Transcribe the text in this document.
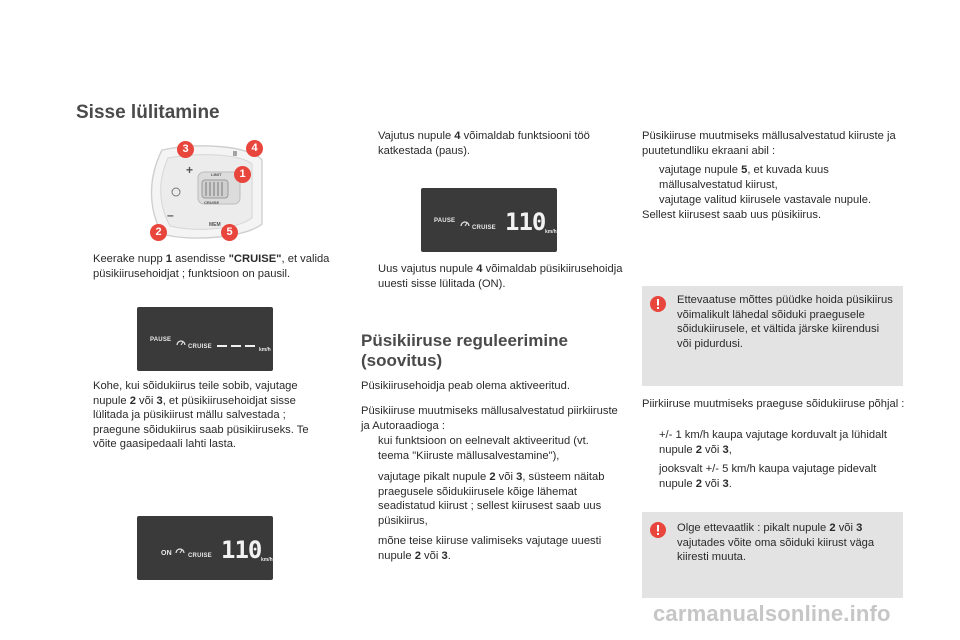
Sisse lülitamine
+
–
II
LIMIT
CRUISE
MEM
3	4
1
2	5
Keerake nupp 1 asendisse "CRUISE", et valida püsikiirusehoidjat ; funktsioon on pausil.
PAUSE
CRUISE	km/h
Kohe, kui sõidukiirus teile sobib, vajutage nupule 2 või 3, et püsikiirusehoidjat sisse lülitada ja püsikiirust mällu salvestada ; praegune sõidukiirus saab püsikiiruseks. Te võite gaasipedaali lahti lasta.
ON	CRUISE 110 km/h
Vajutus nupule 4 võimaldab funktsiooni töö katkestada (paus).
PAUSE
CRUISE 110 km/h
Uus vajutus nupule 4 võimaldab püsikiirusehoidja uuesti sisse lülitada (ON).
Püsikiiruse reguleerimine
(soovitus)

Püsikiirusehoidja peab olema aktiveeritud.

Püsikiiruse muutmiseks mällusalvestatud piirkiiruste ja Autoraadioga :

kui funktsioon on eelnevalt aktiveeritud (vt. teema "Kiiruste mällusalvestamine"),
vajutage pikalt nupule 2 või 3, süsteem näitab praegusele sõidukiirusele kõige lähemat seadistatud kiirust ; sellest kiirusest saab uus püsikiirus,
mõne teise kiiruse valimiseks vajutage uuesti nupule 2 või 3.

Püsikiiruse muutmiseks mällusalvestatud kiiruste ja puutetundliku ekraani abil :

vajutage nupule 5, et kuvada kuus mällusalvestatud kiirust,
vajutage valitud kiirusele vastavale nupule.

Sellest kiirusest saab uus püsikiirus.

Ettevaatuse mõttes püüdke hoida püsikiirus võimalikult lähedal sõiduki praegusele sõidukiirusele, et vältida järske kiirendusi või pidurdusi.

Piirkiiruse muutmiseks praeguse sõidukiiruse põhjal :

+/- 1 km/h kaupa vajutage korduvalt ja lühidalt nupule 2 või 3,
jooksvalt +/- 5 km/h kaupa vajutage pidevalt nupule 2 või 3.
Olge ettevaatlik : pikalt nupule 2 või 3 vajutades võite oma sõiduki kiirust väga kiiresti muuta.
carmanualsonline.info
